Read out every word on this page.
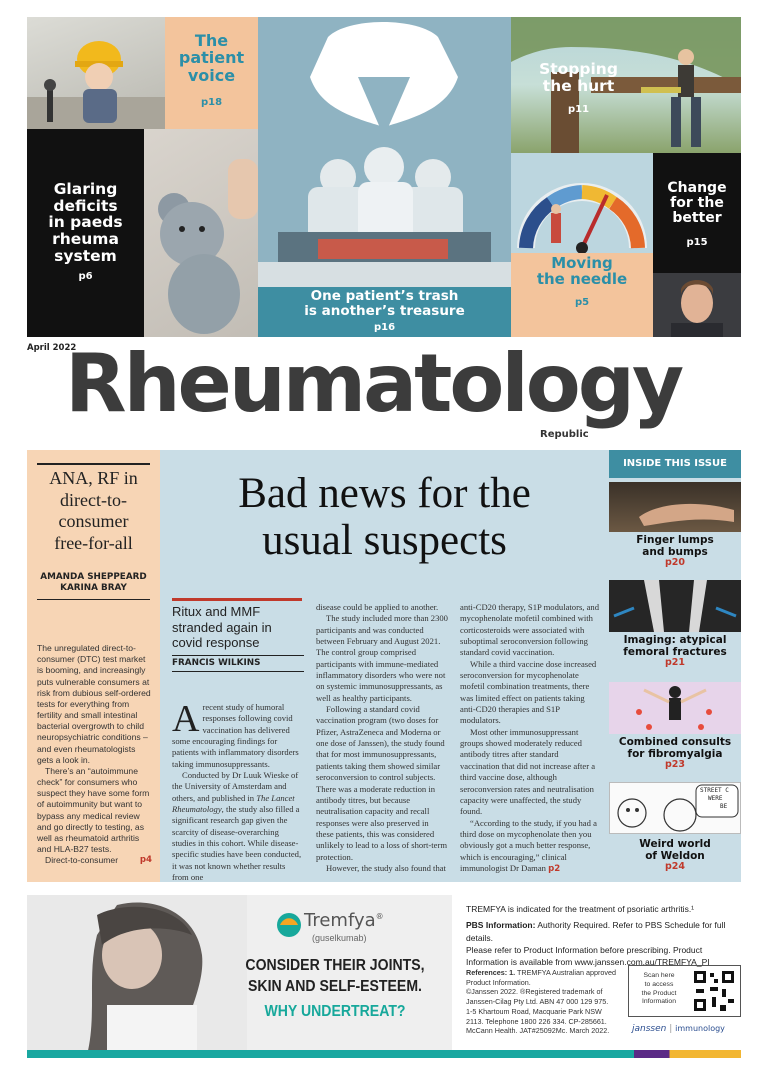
The
patient
voice
p18
One patient’s trash
is another’s treasure
p16
Stopping
the hurt
p11
Glaring
deficits
in paeds
rheuma
system
p6
Moving
the needle
p5
Change
for the
better
p15
April 2022
Rheumatology
Republic
ANA, RF in
direct-to-
consumer
free-for-all
AMANDA SHEPPEARD
KARINA BRAY

The unregulated direct-to-consumer (DTC) test market is booming, and increasingly puts vulnerable consumers at risk from dubious self-ordered tests for everything from fertility and small intestinal bacterial overgrowth to child neuropsychiatric conditions – and even rheumatologists gets a look in.

There’s an “autoimmune check” for consumers who suspect they have some form of autoimmunity but want to bypass any medical review and go directly to testing, as well as rheumatoid arthritis and HLA-B27 tests.

Direct-to-consumer	p4

Bad news for the
usual suspects
Ritux and MMF
stranded again in
covid response
FRANCIS WILKINS

Arecent study of humoral responses following covid vaccination has delivered some encouraging findings for patients with inflammatory disorders taking immunosuppressants.

Conducted by Dr Luuk Wieske of the University of Amsterdam and others, and published in The Lancet Rheumatology, the study also filled a significant research gap given the scarcity of disease-overarching studies in this cohort. While disease-specific studies have been conducted, it was not known whether results from one

disease could be applied to another.

The study included more than 2300 participants and was conducted between February and August 2021. The control group comprised participants with immune-mediated inflammatory disorders who were not on systemic immunosuppressants, as well as healthy participants.

Following a standard covid vaccination program (two doses for Pfizer, AstraZeneca and Moderna or one dose of Janssen), the study found that for most immunosuppressants, patients taking them showed similar seroconversion to control subjects. There was a moderate reduction in antibody titres, but because neutralisation capacity and recall responses were also preserved in these patients, this was considered unlikely to lead to a loss of short-term protection.

However, the study also found that

anti-CD20 therapy, S1P modulators, and mycophenolate mofetil combined with corticosteroids were associated with suboptimal seroconversion following standard covid vaccination.

While a third vaccine dose increased seroconversion for mycophenolate mofetil combination treatments, there was limited effect on patients taking anti-CD20 therapies and S1P modulators.

Most other immunosuppressant groups showed moderately reduced antibody titres after standard vaccination that did not increase after a third vaccine dose, although seroconversion rates and neutralisation capacity were unaffected, the study found.

“According to the study, if you had a third dose on mycophenolate then you obviously got a much better response, which is encouraging,” clinical immunologist Dr Daman p2

INSIDE THIS ISSUE
Finger lumps
and bumps
p20
Imaging: atypical
femoral fractures
p21
Combined consults
for fibromyalgia
p23
STREET C
WERE
BE
Weird world
of Weldon
p24
Tremfya®
(guselkumab)
CONSIDER THEIR JOINTS,
SKIN AND SELF-ESTEEM.
WHY UNDERTREAT?
TREMFYA is indicated for the treatment of psoriatic arthritis.¹
PBS Information: Authority Required. Refer to PBS Schedule for full details.
Please refer to Product Information before prescribing. Product Information is available from www.janssen.com.au/TREMFYA_PI
References: 1. TREMFYA Australian approved Product Information.
©Janssen 2022. ®Registered trademark of Janssen-Cilag Pty Ltd. ABN 47 000 129 975. 1-5 Khartoum Road, Macquarie Park NSW 2113. Telephone 1800 226 334. CP-285661. McCann Health. JAT#25092Mc. March 2022.
Scan here
to access
the Product
Information
janssen | immunology
